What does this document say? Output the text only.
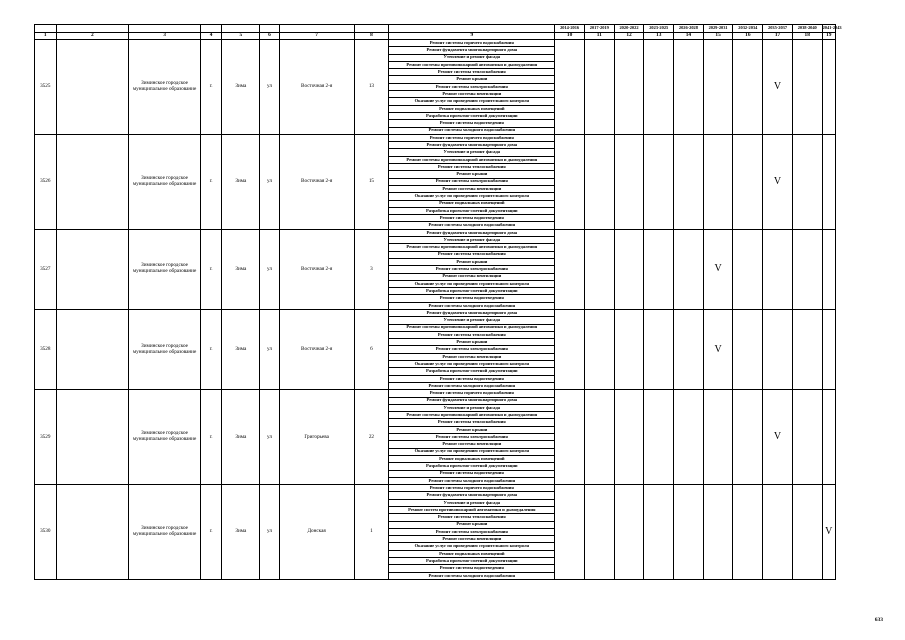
									2014-2016	2017-2019	2020-2022	2023-2025	2026-2028	2029-2031	2032-2034	2035-2037	2038-2040	2041-2043
1	2	3	4	5	6	7	8	9	10	11	12	13	14	15	16	17	18	19
3525		Зиминское городское муниципальное образование	г.	Зима	ул	Восточная 2-я	13	Ремонт системы горячего водоснабжения								V		
								Ремонт фундамента многоквартирного дома										
								Утепление и ремонт фасада										
								Ремонт системы противопожарной автоматики и дымоудаления										
								Ремонт системы теплоснабжения										
								Ремонт крыши										
								Ремонт системы электроснабжения										
								Ремонт системы вентиляции										
								Оказание услуг по проведению строительного контроля										
								Ремонт подвальных помещений										
								Разработка проектно-сметной документации										
								Ремонт системы водоотведения										
								Ремонт системы холодного водоснабжения										
3526		Зиминское городское муниципальное образование	г.	Зима	ул	Восточная 2-я	15	Ремонт системы горячего водоснабжения								V		
								Ремонт фундамента многоквартирного дома										
								Утепление и ремонт фасада										
								Ремонт системы противопожарной автоматики и дымоудаления										
								Ремонт системы теплоснабжения										
								Ремонт крыши										
								Ремонт системы электроснабжения										
								Ремонт системы вентиляции										
								Оказание услуг по проведению строительного контроля										
								Ремонт подвальных помещений										
								Разработка проектно-сметной документации										
								Ремонт системы водоотведения										
								Ремонт системы холодного водоснабжения										
3527		Зиминское городское муниципальное образование	г.	Зима	ул	Восточная 2-я	3	Ремонт фундамента многоквартирного дома						V				
								Утепление и ремонт фасада										
								Ремонт системы противопожарной автоматики и дымоудаления										
								Ремонт системы теплоснабжения										
								Ремонт крыши										
								Ремонт системы электроснабжения										
								Ремонт системы вентиляции										
								Оказание услуг по проведению строительного контроля										
								Разработка проектно-сметной документации										
								Ремонт системы водоотведения										
								Ремонт системы холодного водоснабжения										
3528		Зиминское городское муниципальное образование	г.	Зима	ул	Восточная 2-я	6	Ремонт фундамента многоквартирного дома						V				
								Утепление и ремонт фасада										
								Ремонт системы противопожарной автоматики и дымоудаления										
								Ремонт системы теплоснабжения										
								Ремонт крыши										
								Ремонт системы электроснабжения										
								Ремонт системы вентиляции										
								Оказание услуг по проведению строительного контроля										
								Разработка проектно-сметной документации										
								Ремонт системы водоотведения										
								Ремонт системы холодного водоснабжения										
3529		Зиминское городское муниципальное образование	г.	Зима	ул	Григорьева	22	Ремонт системы горячего водоснабжения								V		
								Ремонт фундамента многоквартирного дома										
								Утепление и ремонт фасада										
								Ремонт системы противопожарной автоматики и дымоудаления										
								Ремонт системы теплоснабжения										
								Ремонт крыши										
								Ремонт системы электроснабжения										
								Ремонт системы вентиляции										
								Оказание услуг по проведению строительного контроля										
								Ремонт подвальных помещений										
								Разработка проектно-сметной документации										
								Ремонт системы водоотведения										
								Ремонт системы холодного водоснабжения										
3530		Зиминское городское муниципальное образование	г.	Зима	ул	Донская	1	Ремонт системы горячего водоснабжения										V
								Ремонт фундамента многоквартирного дома										
								Утепление и ремонт фасада										
								Ремонт систем противопожарной автоматики и дымоудаления										
								Ремонт системы теплоснабжения										
								Ремонт крыши										
								Ремонт системы электроснабжения										
								Ремонт системы вентиляции										
								Оказание услуг по проведению строительного контроля										
								Ремонт подвальных помещений										
								Разработка проектно-сметной документации										
								Ремонт системы водоотведения										
								Ремонт системы холодного водоснабжения										
633
